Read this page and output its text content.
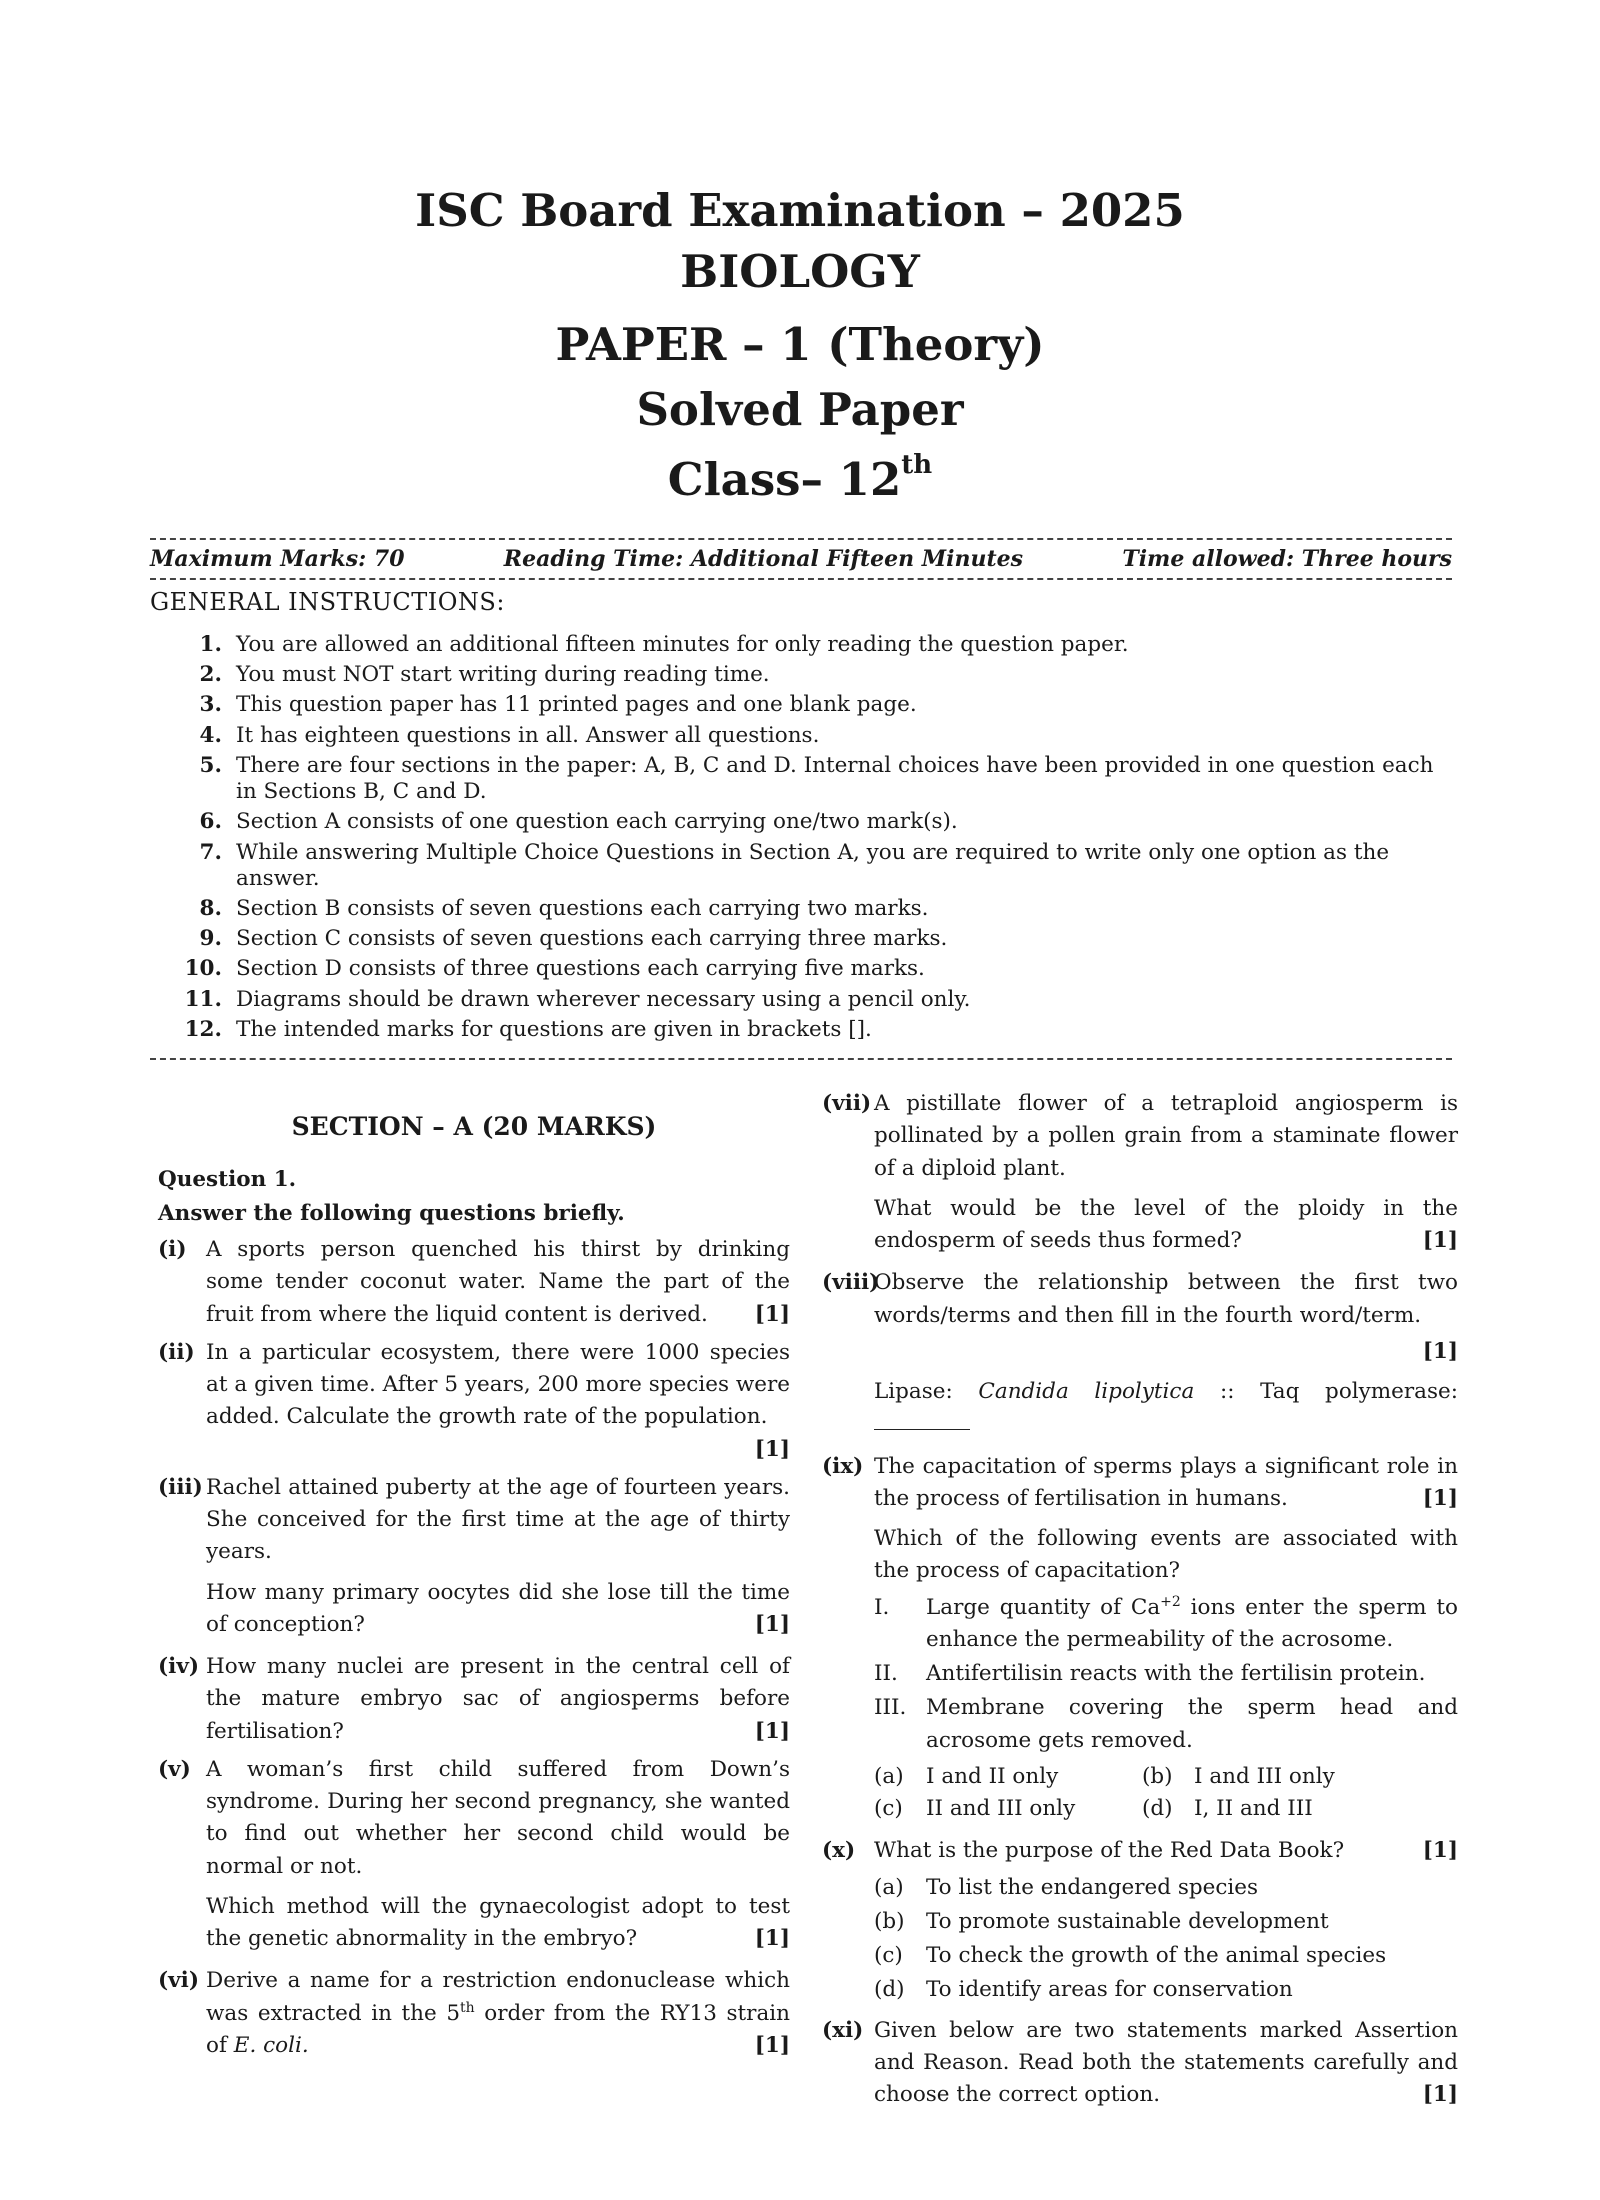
ISC Board Examination – 2025
BIOLOGY
PAPER – 1 (Theory)
Solved Paper
Class– 12th
Maximum Marks: 70	Reading Time: Additional Fifteen Minutes	Time allowed: Three hours
GENERAL INSTRUCTIONS:
1. You are allowed an additional fifteen minutes for only reading the question paper.
2. You must NOT start writing during reading time.
3. This question paper has 11 printed pages and one blank page.
4. It has eighteen questions in all. Answer all questions.
5. There are four sections in the paper: A, B, C and D. Internal choices have been provided in one question each in Sections B, C and D.
6. Section A consists of one question each carrying one/two mark(s).
7. While answering Multiple Choice Questions in Section A, you are required to write only one option as the answer.
8. Section B consists of seven questions each carrying two marks.
9. Section C consists of seven questions each carrying three marks.
10. Section D consists of three questions each carrying five marks.
11. Diagrams should be drawn wherever necessary using a pencil only.
12. The intended marks for questions are given in brackets [].
SECTION – A (20 MARKS)
Question 1.
Answer the following questions briefly.
(i) A sports person quenched his thirst by drinking some tender coconut water. Name the part of the fruit from where the liquid content is derived. [1]
(ii) In a particular ecosystem, there were 1000 species at a given time. After 5 years, 200 more species were added. Calculate the growth rate of the population.
[1]
(iii) Rachel attained puberty at the age of fourteen years. She conceived for the first time at the age of thirty years.
How many primary oocytes did she lose till the time of conception?	[1]
(iv) How many nuclei are present in the central cell of the mature embryo sac of angiosperms before fertilisation?	[1]
(v) A woman’s first child suffered from Down’s syndrome. During her second pregnancy, she wanted to find out whether her second child would be normal or not.
Which method will the gynaecologist adopt to test the genetic abnormality in the embryo?	[1]
(vi) Derive a name for a restriction endonuclease which was extracted in the 5th order from the RY13 strain of E. coli.	[1]
(vii) A pistillate flower of a tetraploid angiosperm is pollinated by a pollen grain from a staminate flower of a diploid plant.
What would be the level of the ploidy in the endosperm of seeds thus formed?	[1]
(viii)
Observe the relationship between the first two words/terms and then fill in the fourth word/term.
[1]
Lipase: Candida lipolytica :: Taq polymerase:
(ix) The capacitation of sperms plays a significant role in the process of fertilisation in humans.	[1]
Which of the following events are associated with the process of capacitation?
I.	Large quantity of $Ca^{+2}$ ions enter the sperm to enhance the permeability of the acrosome.
II.	Antifertilisin reacts with the fertilisin protein.
III. Membrane covering the sperm head and acrosome gets removed.
(a)	I and II only	(b) I and III only
(c)	II and III only	(d) I, II and III
(x) What is the purpose of the Red Data Book?	[1]
(a)	To list the endangered species
(b) To promote sustainable development
(c)	To check the growth of the animal species
(d) To identify areas for conservation
(xi) Given below are two statements marked Assertion and Reason. Read both the statements carefully and choose the correct option.	[1]
